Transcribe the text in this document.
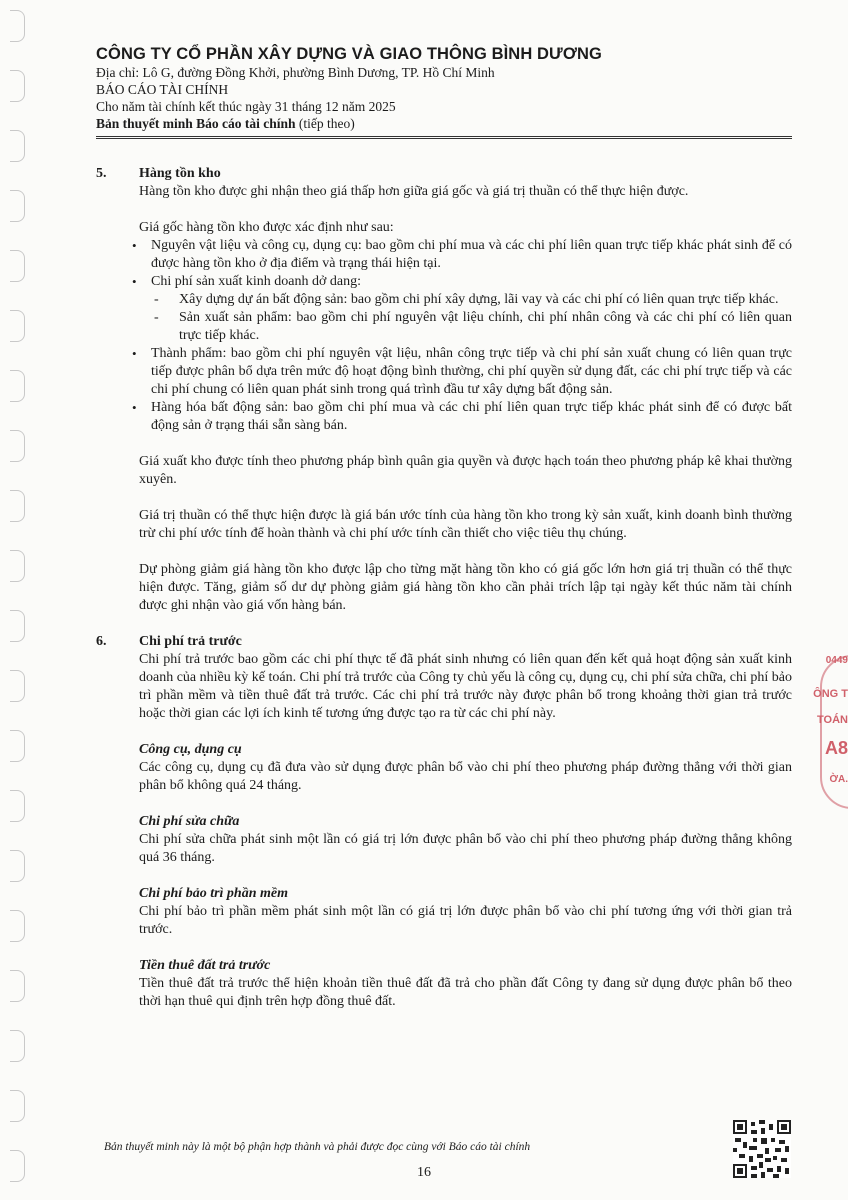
CÔNG TY CỔ PHẦN XÂY DỰNG VÀ GIAO THÔNG BÌNH DƯƠNG

Địa chỉ: Lô G, đường Đồng Khởi, phường Bình Dương, TP. Hồ Chí Minh
BÁO CÁO TÀI CHÍNH
Cho năm tài chính kết thúc ngày 31 tháng 12 năm 2025
Bản thuyết minh Báo cáo tài chính (tiếp theo)
5. Hàng tồn kho

Hàng tồn kho được ghi nhận theo giá thấp hơn giữa giá gốc và giá trị thuần có thể thực hiện được.

Giá gốc hàng tồn kho được xác định như sau:

• Nguyên vật liệu và công cụ, dụng cụ: bao gồm chi phí mua và các chi phí liên quan trực tiếp khác phát sinh để có được hàng tồn kho ở địa điểm và trạng thái hiện tại.
• Chi phí sản xuất kinh doanh dở dang:
- Xây dựng dự án bất động sản: bao gồm chi phí xây dựng, lãi vay và các chi phí có liên quan trực tiếp khác.
- Sản xuất sản phẩm: bao gồm chi phí nguyên vật liệu chính, chi phí nhân công và các chi phí có liên quan trực tiếp khác.
• Thành phẩm: bao gồm chi phí nguyên vật liệu, nhân công trực tiếp và chi phí sản xuất chung có liên quan trực tiếp được phân bổ dựa trên mức độ hoạt động bình thường, chi phí quyền sử dụng đất, các chi phí trực tiếp và các chi phí chung có liên quan phát sinh trong quá trình đầu tư xây dựng bất động sản.
• Hàng hóa bất động sản: bao gồm chi phí mua và các chi phí liên quan trực tiếp khác phát sinh để có được bất động sản ở trạng thái sẵn sàng bán.

Giá xuất kho được tính theo phương pháp bình quân gia quyền và được hạch toán theo phương pháp kê khai thường xuyên.

Giá trị thuần có thể thực hiện được là giá bán ước tính của hàng tồn kho trong kỳ sản xuất, kinh doanh bình thường trừ chi phí ước tính để hoàn thành và chi phí ước tính cần thiết cho việc tiêu thụ chúng.

Dự phòng giảm giá hàng tồn kho được lập cho từng mặt hàng tồn kho có giá gốc lớn hơn giá trị thuần có thể thực hiện được. Tăng, giảm số dư dự phòng giảm giá hàng tồn kho cần phải trích lập tại ngày kết thúc năm tài chính được ghi nhận vào giá vốn hàng bán.

6. Chi phí trả trước

Chi phí trả trước bao gồm các chi phí thực tế đã phát sinh nhưng có liên quan đến kết quả hoạt động sản xuất kinh doanh của nhiều kỳ kế toán. Chi phí trả trước của Công ty chủ yếu là công cụ, dụng cụ, chi phí sửa chữa, chi phí bảo trì phần mềm và tiền thuê đất trả trước. Các chi phí trả trước này được phân bổ trong khoảng thời gian trả trước hoặc thời gian các lợi ích kinh tế tương ứng được tạo ra từ các chi phí này.

Công cụ, dụng cụ

Các công cụ, dụng cụ đã đưa vào sử dụng được phân bổ vào chi phí theo phương pháp đường thẳng với thời gian phân bổ không quá 24 tháng.

Chi phí sửa chữa

Chi phí sửa chữa phát sinh một lần có giá trị lớn được phân bổ vào chi phí theo phương pháp đường thẳng không quá 36 tháng.

Chi phí bảo trì phần mềm

Chi phí bảo trì phần mềm phát sinh một lần có giá trị lớn được phân bổ vào chi phí tương ứng với thời gian trả trước.

Tiền thuê đất trả trước

Tiền thuê đất trả trước thể hiện khoản tiền thuê đất đã trả cho phần đất Công ty đang sử dụng được phân bổ theo thời hạn thuê qui định trên hợp đồng thuê đất.

0449
ÔNG T
TOÁN
A8
ỜA.
Bản thuyết minh này là một bộ phận hợp thành và phải được đọc cùng với Báo cáo tài chính
16
